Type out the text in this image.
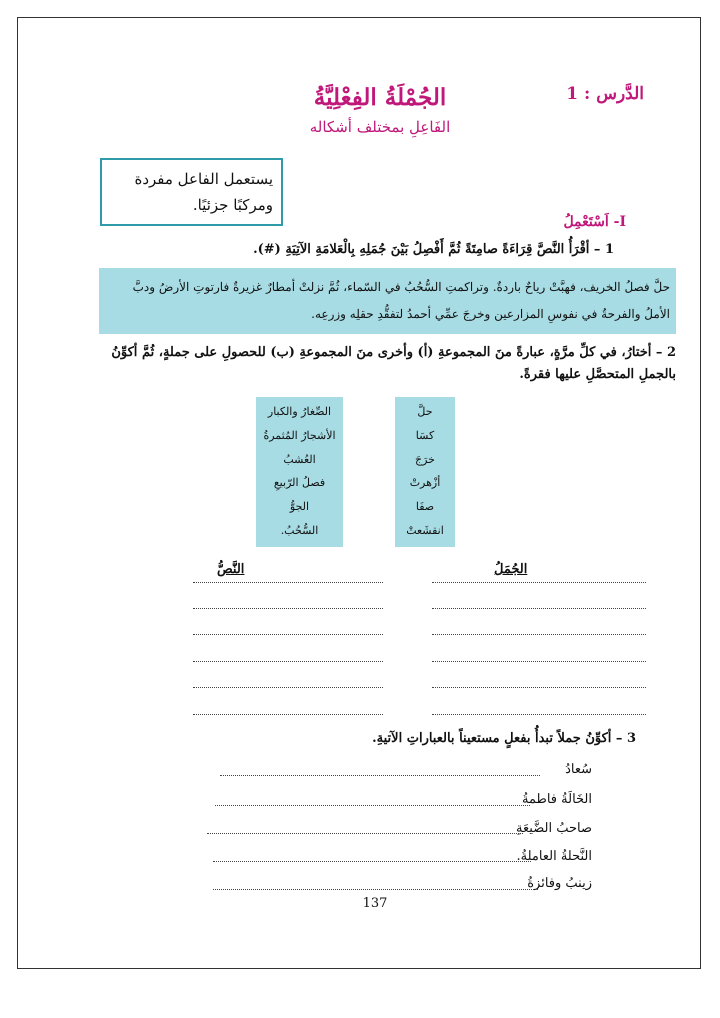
الدَّرس : 1
الجُمْلَةُ الفِعْلِيَّةُ
الفَاعِلِ بمختلف أشكاله
يستعمل الفاعل مفردة ومركبًا جزئيًا.
I- اَسْتَعْمِلُ
1 – أقْرَأُ النَّصَّ قِرَاءَةً صامِتَةً ثُمَّ أَفْصِلُ بَيْنَ جُمَلِهِ بِالْعَلامَةِ الآتِيَةِ (#).
حلَّ فصلُ الخريف، فهبَّتْ رياحٌ باردةٌ. وتراكمتِ السُّحُبُ في السّماء، ثُمَّ نزلتْ أمطارٌ غزيرةٌ فارتوتِ الأرضُ ودبَّ الأملُ والفرحةُ في نفوسِ المزارعين وخرجَ عمِّي أحمدُ لتفقُّدِ حقلِه وزرعِه.
2 – أختارُ، في كلِّ مرَّةٍ، عبارةً منَ المجموعةِ (أ) وأخرى منَ المجموعةِ (ب) للحصولِ على جملةٍ، ثُمَّ أكوِّنُ بالجملِ المتحصَّلِ عليها فقرةً.
حلَّ
كسَا
خرَجَ
أزْهرتْ
صفَا
انقشَعتْ
الصِّغارُ والكبار
الأشجارُ المُثمرةُ
العُشبُ
فصلُ الرّبيعِ
الجوُّ
السُّحُبُ.
الجُمَلُ
النَّصُّ
3 – أكوِّنُ جملاً تبدأُ بفعلٍ مستعيناً بالعباراتِ الآتيةِ.
سُعادُ
الخَالَةُ فاطمةُ
صاحبُ الضَّيعَةِ
النَّحلةُ العاملةُ.
زينبُ وفائزةُ
137
